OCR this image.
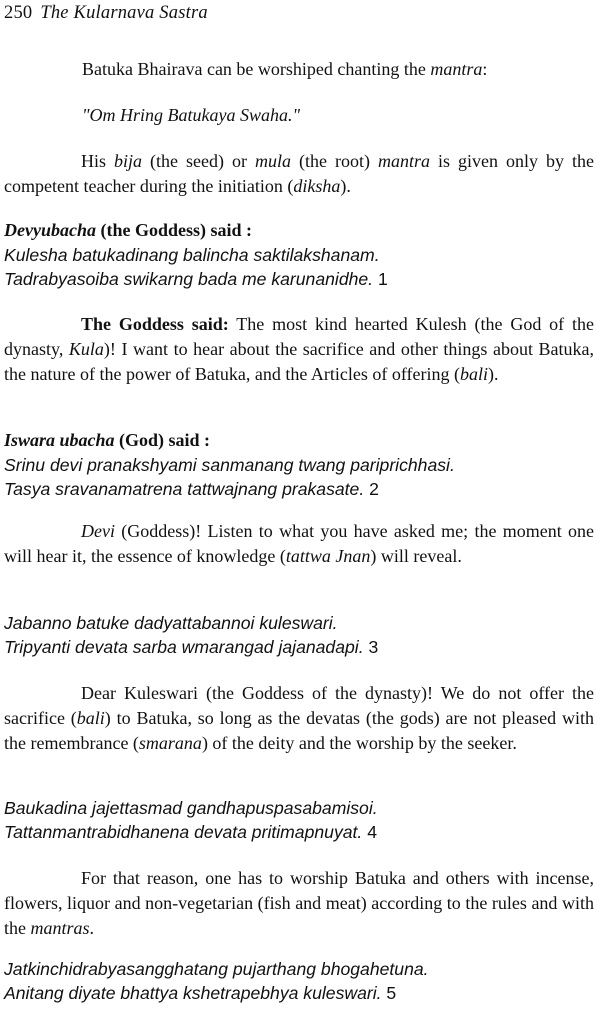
250 The Kularnava Sastra
Batuka Bhairava can be worshiped chanting the mantra:
"Om Hring Batukaya Swaha."
His bija (the seed) or mula (the root) mantra is given only by the competent teacher during the initiation (diksha).
Devyubacha (the Goddess) said :
Kulesha batukadinang balincha saktilakshanam.
Tadrabyasoiba swikarng bada me karunanidhe. 1
The Goddess said: The most kind hearted Kulesh (the God of the dynasty, Kula)! I want to hear about the sacrifice and other things about Batuka, the nature of the power of Batuka, and the Articles of offering (bali).
Iswara ubacha (God) said :
Srinu devi pranakshyami sanmanang twang pariprichhasi.
Tasya sravanamatrena tattwajnang prakasate. 2
Devi (Goddess)! Listen to what you have asked me; the moment one will hear it, the essence of knowledge (tattwa Jnan) will reveal.
Jabanno batuke dadyattabannoi kuleswari.
Tripyanti devata sarba wmarangad jajanadapi. 3
Dear Kuleswari (the Goddess of the dynasty)! We do not offer the sacrifice (bali) to Batuka, so long as the devatas (the gods) are not pleased with the remembrance (smarana) of the deity and the worship by the seeker.
Baukadina jajettasmad gandhapuspasabamisoi.
Tattanmantrabidhanena devata pritimapnuyat. 4
For that reason, one has to worship Batuka and others with incense, flowers, liquor and non-vegetarian (fish and meat) according to the rules and with the mantras.
Jatkinchidrabyasangghatang pujarthang bhogahetuna.
Anitang diyate bhattya kshetrapebhya kuleswari. 5
